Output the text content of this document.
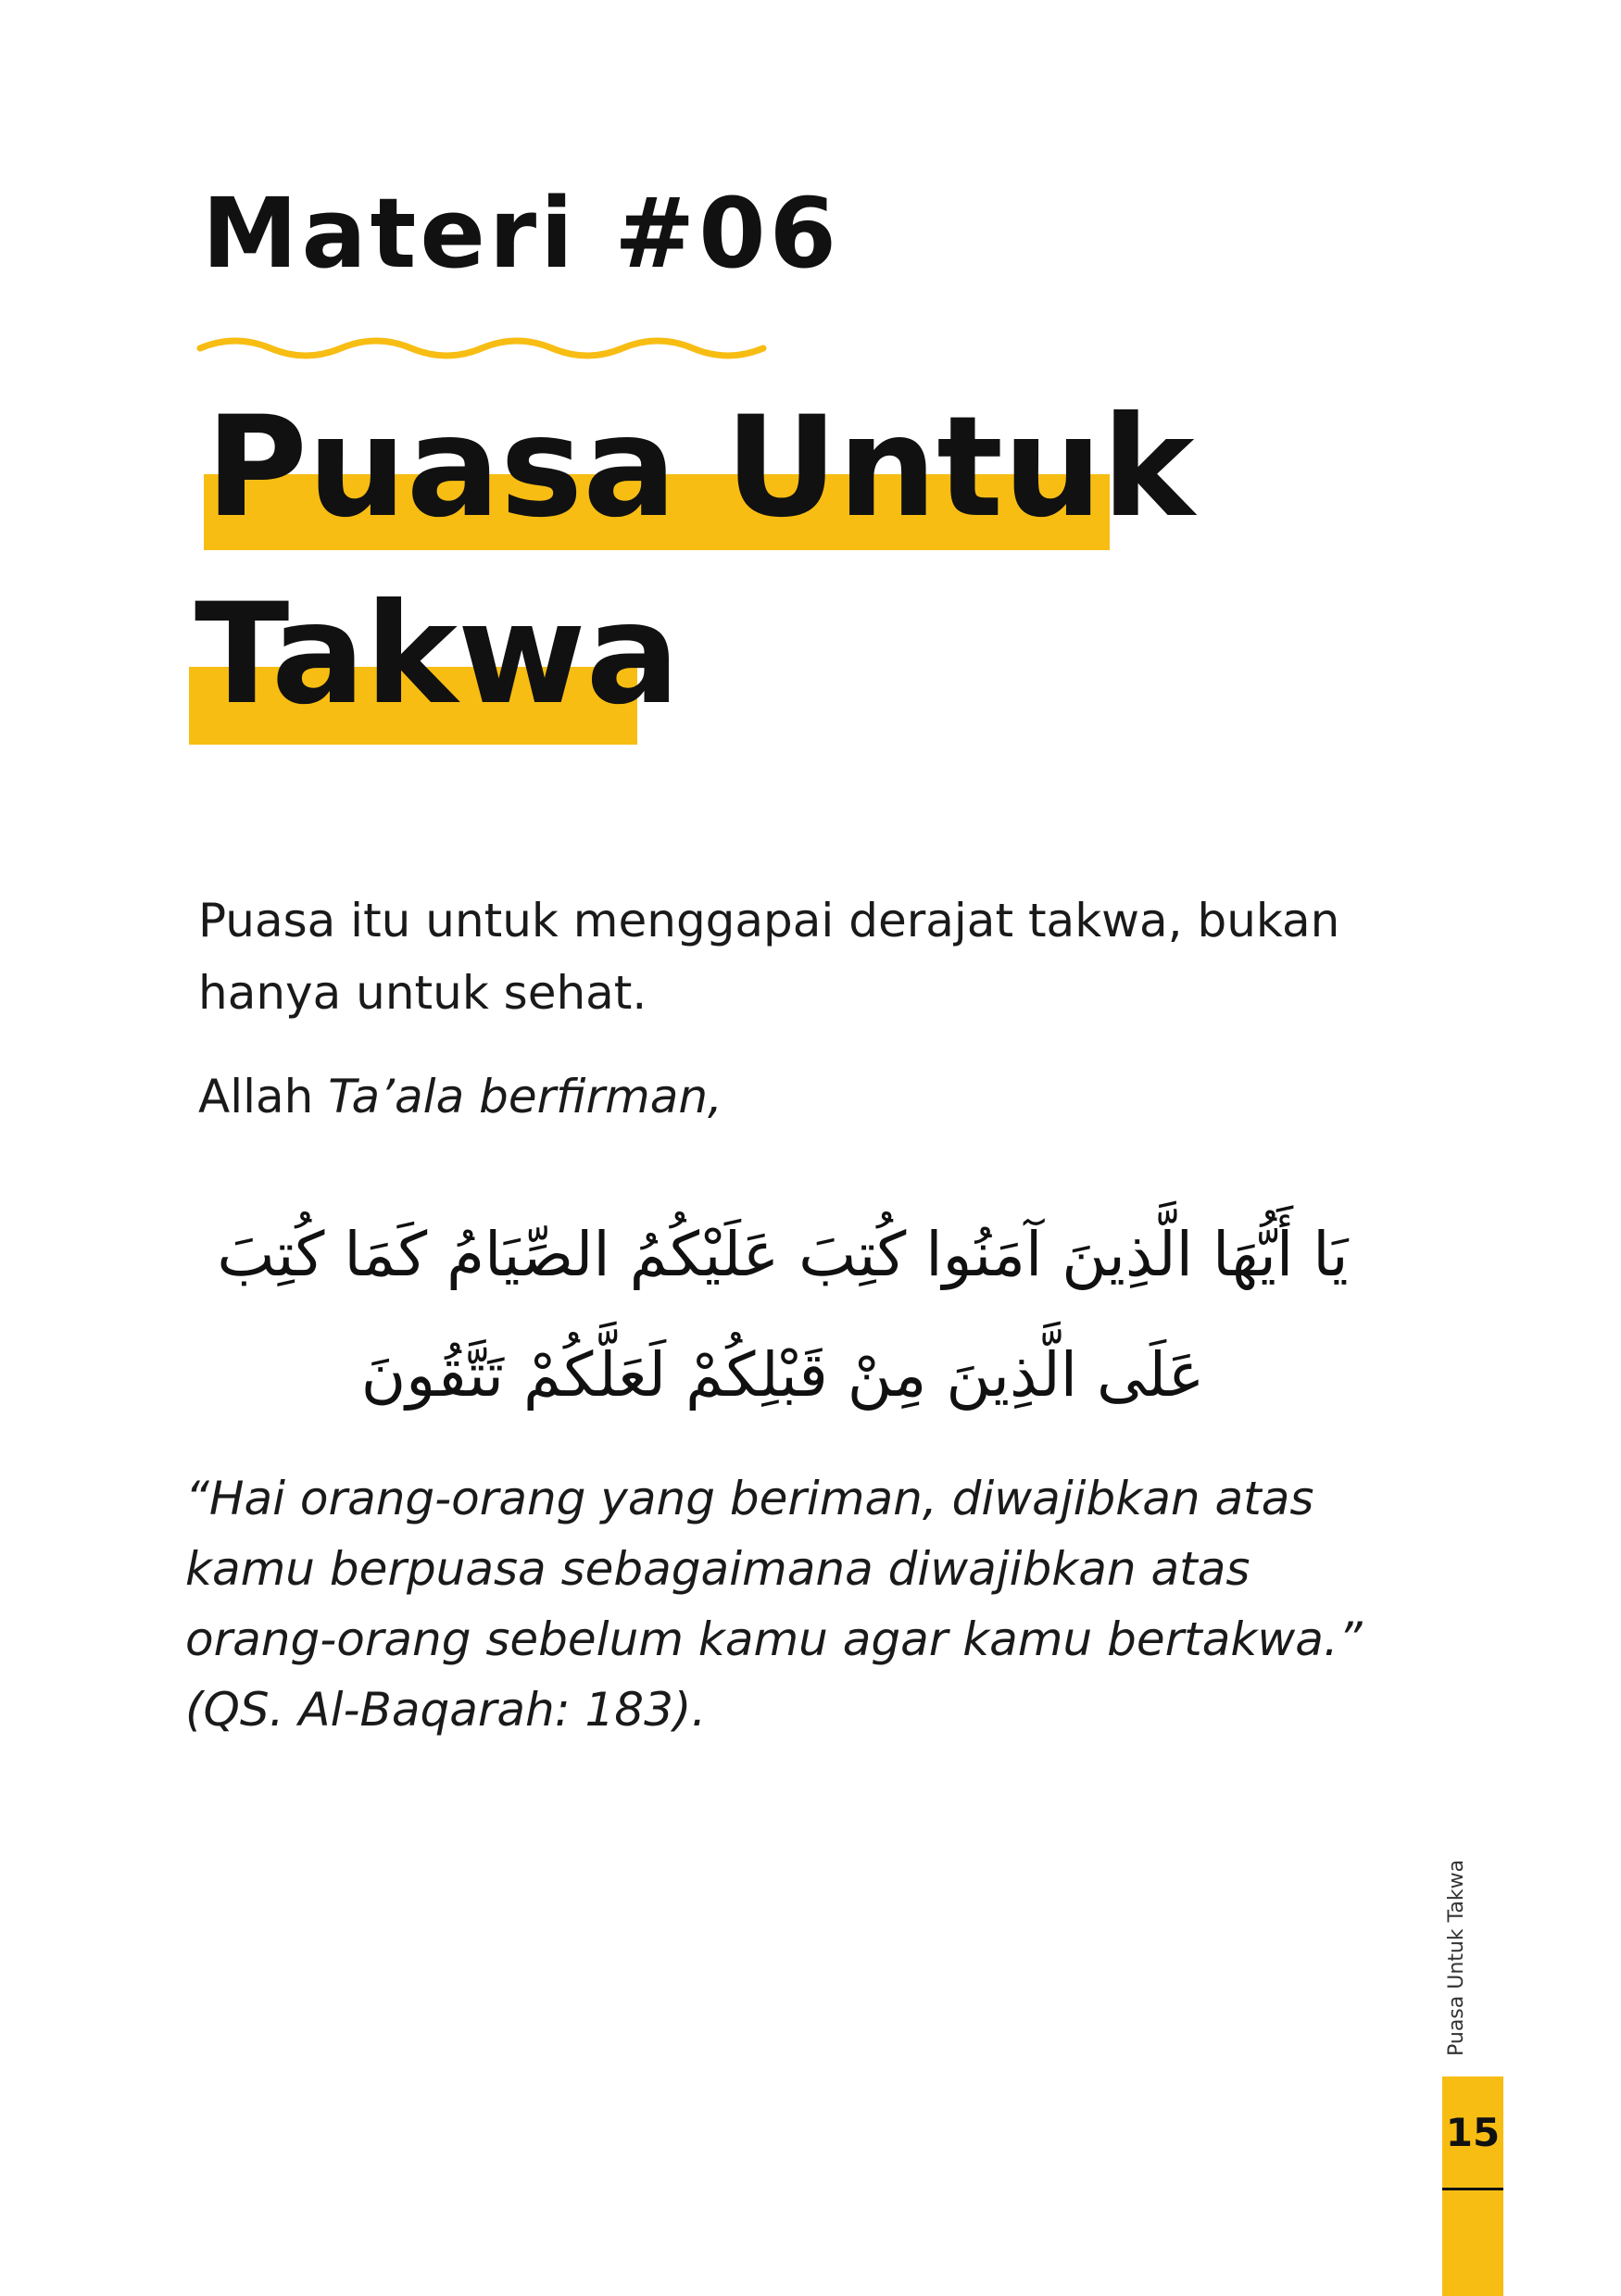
Materi #06
Puasa Untuk
Takwa

Puasa itu untuk menggapai derajat takwa, bukan hanya untuk sehat.

Allah Ta’ala berfirman,

يَا أَيُّهَا الَّذِينَ آمَنُوا كُتِبَ عَلَيْكُمُ الصِّيَامُ كَمَا كُتِبَ

عَلَى الَّذِينَ مِنْ قَبْلِكُمْ لَعَلَّكُمْ تَتَّقُونَ

“Hai orang-orang yang beriman, diwajibkan atas kamu berpuasa sebagaimana diwajibkan atas orang-orang sebelum kamu agar kamu bertakwa.” (QS. Al-Baqarah: 183).

Puasa Untuk Takwa

15
